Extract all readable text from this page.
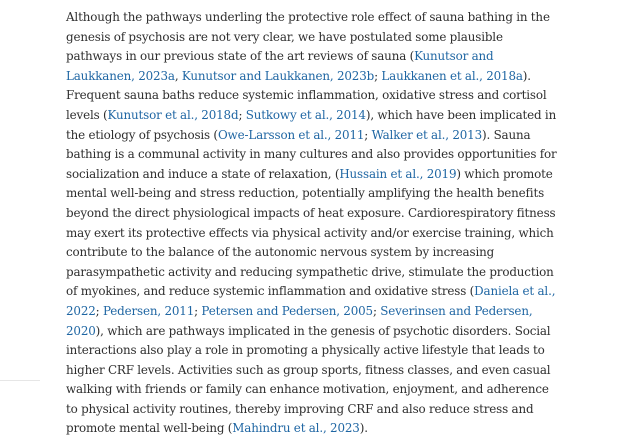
Although the pathways underling the protective role effect of sauna bathing in the genesis of psychosis are not very clear, we have postulated some plausible pathways in our previous state of the art reviews of sauna (Kunutsor and Laukkanen, 2023a, Kunutsor and Laukkanen, 2023b; Laukkanen et al., 2018a). Frequent sauna baths reduce systemic inflammation, oxidative stress and cortisol levels (Kunutsor et al., 2018d; Sutkowy et al., 2014), which have been implicated in the etiology of psychosis (Owe-Larsson et al., 2011; Walker et al., 2013). Sauna bathing is a communal activity in many cultures and also provides opportunities for socialization and induce a state of relaxation, (Hussain et al., 2019) which promote mental well-being and stress reduction, potentially amplifying the health benefits beyond the direct physiological impacts of heat exposure. Cardiorespiratory fitness may exert its protective effects via physical activity and/or exercise training, which contribute to the balance of the autonomic nervous system by increasing parasympathetic activity and reducing sympathetic drive, stimulate the production of myokines, and reduce systemic inflammation and oxidative stress (Daniela et al., 2022; Pedersen, 2011; Petersen and Pedersen, 2005; Severinsen and Pedersen, 2020), which are pathways implicated in the genesis of psychotic disorders. Social interactions also play a role in promoting a physically active lifestyle that leads to higher CRF levels. Activities such as group sports, fitness classes, and even casual walking with friends or family can enhance motivation, enjoyment, and adherence to physical activity routines, thereby improving CRF and also reduce stress and promote mental well-being (Mahindru et al., 2023).
